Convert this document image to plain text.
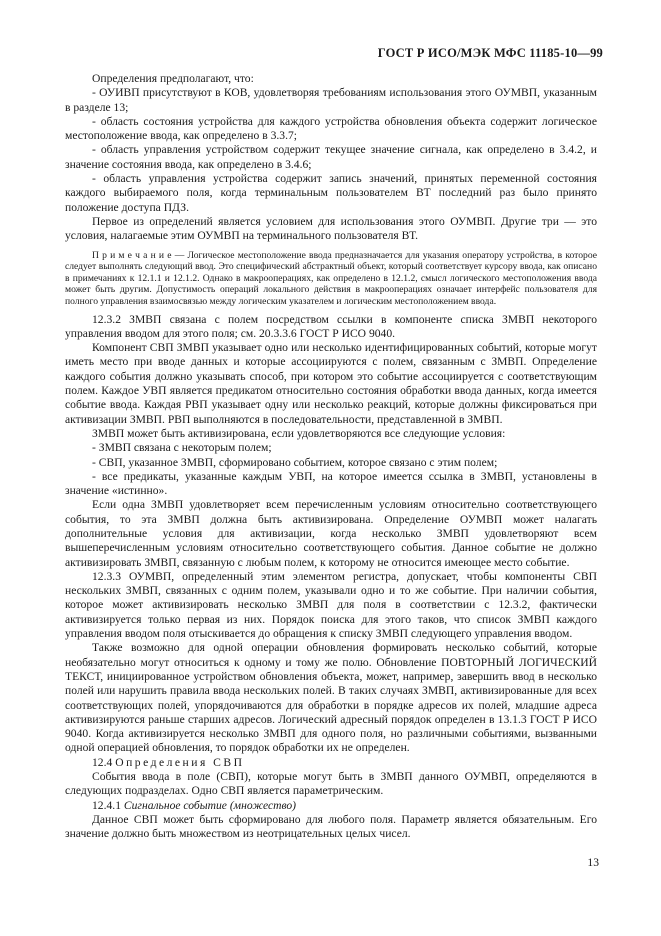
ГОСТ Р ИСО/МЭК МФС 11185-10—99

Определения предполагают, что:

- ОУИВП присутствуют в КОВ, удовлетворяя требованиям использования этого ОУМВП, указанным в разделе 13;

- область состояния устройства для каждого устройства обновления объекта содержит логическое местоположение ввода, как определено в 3.3.7;

- область управления устройством содержит текущее значение сигнала, как определено в 3.4.2, и значение состояния ввода, как определено в 3.4.6;

- область управления устройства содержит запись значений, принятых переменной состояния каждого выбираемого поля, когда терминальным пользователем ВТ последний раз было принято положение доступа ПДЗ.

Первое из определений является условием для использования этого ОУМВП. Другие три — это условия, налагаемые этим ОУМВП на терминального пользователя ВТ.

П р и м е ч а н и е — Логическое местоположение ввода предназначается для указания оператору устройства, в которое следует выполнять следующий ввод. Это специфический абстрактный объект, который соответствует курсору ввода, как описано в примечаниях к 12.1.1 и 12.1.2. Однако в макрооперациях, как определено в 12.1.2, смысл логического местоположения ввода может быть другим. Допустимость операций локального действия в макрооперациях означает интерфейс пользователя для полного управления взаимосвязью между логическим указателем и логическим местоположением ввода.

12.3.2 ЗМВП связана с полем посредством ссылки в компоненте списка ЗМВП некоторого управления вводом для этого поля; см. 20.3.3.6 ГОСТ Р ИСО 9040.

Компонент СВП ЗМВП указывает одно или несколько идентифицированных событий, которые могут иметь место при вводе данных и которые ассоциируются с полем, связанным с ЗМВП. Определение каждого события должно указывать способ, при котором это событие ассоциируется с соответствующим полем. Каждое УВП является предикатом относительно состояния обработки ввода данных, когда имеется событие ввода. Каждая РВП указывает одну или несколько реакций, которые должны фиксироваться при активизации ЗМВП. РВП выполняются в последовательности, представленной в ЗМВП.

ЗМВП может быть активизирована, если удовлетворяются все следующие условия:

- ЗМВП связана с некоторым полем;

- СВП, указанное ЗМВП, сформировано событием, которое связано с этим полем;

- все предикаты, указанные каждым УВП, на которое имеется ссылка в ЗМВП, установлены в значение «истинно».

Если одна ЗМВП удовлетворяет всем перечисленным условиям относительно соответствующего события, то эта ЗМВП должна быть активизирована. Определение ОУМВП может налагать дополнительные условия для активизации, когда несколько ЗМВП удовлетворяют всем вышеперечисленным условиям относительно соответствующего события. Данное событие не должно активизировать ЗМВП, связанную с любым полем, к которому не относится имеющее место событие.

12.3.3 ОУМВП, определенный этим элементом регистра, допускает, чтобы компоненты СВП нескольких ЗМВП, связанных с одним полем, указывали одно и то же событие. При наличии события, которое может активизировать несколько ЗМВП для поля в соответствии с 12.3.2, фактически активизируется только первая из них. Порядок поиска для этого таков, что список ЗМВП каждого управления вводом поля отыскивается до обращения к списку ЗМВП следующего управления вводом.

Также возможно для одной операции обновления формировать несколько событий, которые необязательно могут относиться к одному и тому же полю. Обновление ПОВТОРНЫЙ ЛОГИЧЕСКИЙ ТЕКСТ, инициированное устройством обновления объекта, может, например, завершить ввод в несколько полей или нарушить правила ввода нескольких полей. В таких случаях ЗМВП, активизированные для всех соответствующих полей, упорядочиваются для обработки в порядке адресов их полей, младшие адреса активизируются раньше старших адресов. Логический адресный порядок определен в 13.1.3 ГОСТ Р ИСО 9040. Когда активизируется несколько ЗМВП для одного поля, но различными событиями, вызванными одной операцией обновления, то порядок обработки их не определен.

12.4 Определения СВП

События ввода в поле (СВП), которые могут быть в ЗМВП данного ОУМВП, определяются в следующих подразделах. Одно СВП является параметрическим.

12.4.1 Сигнальное событие (множество)

Данное СВП может быть сформировано для любого поля. Параметр является обязательным. Его значение должно быть множеством из неотрицательных целых чисел.

13
